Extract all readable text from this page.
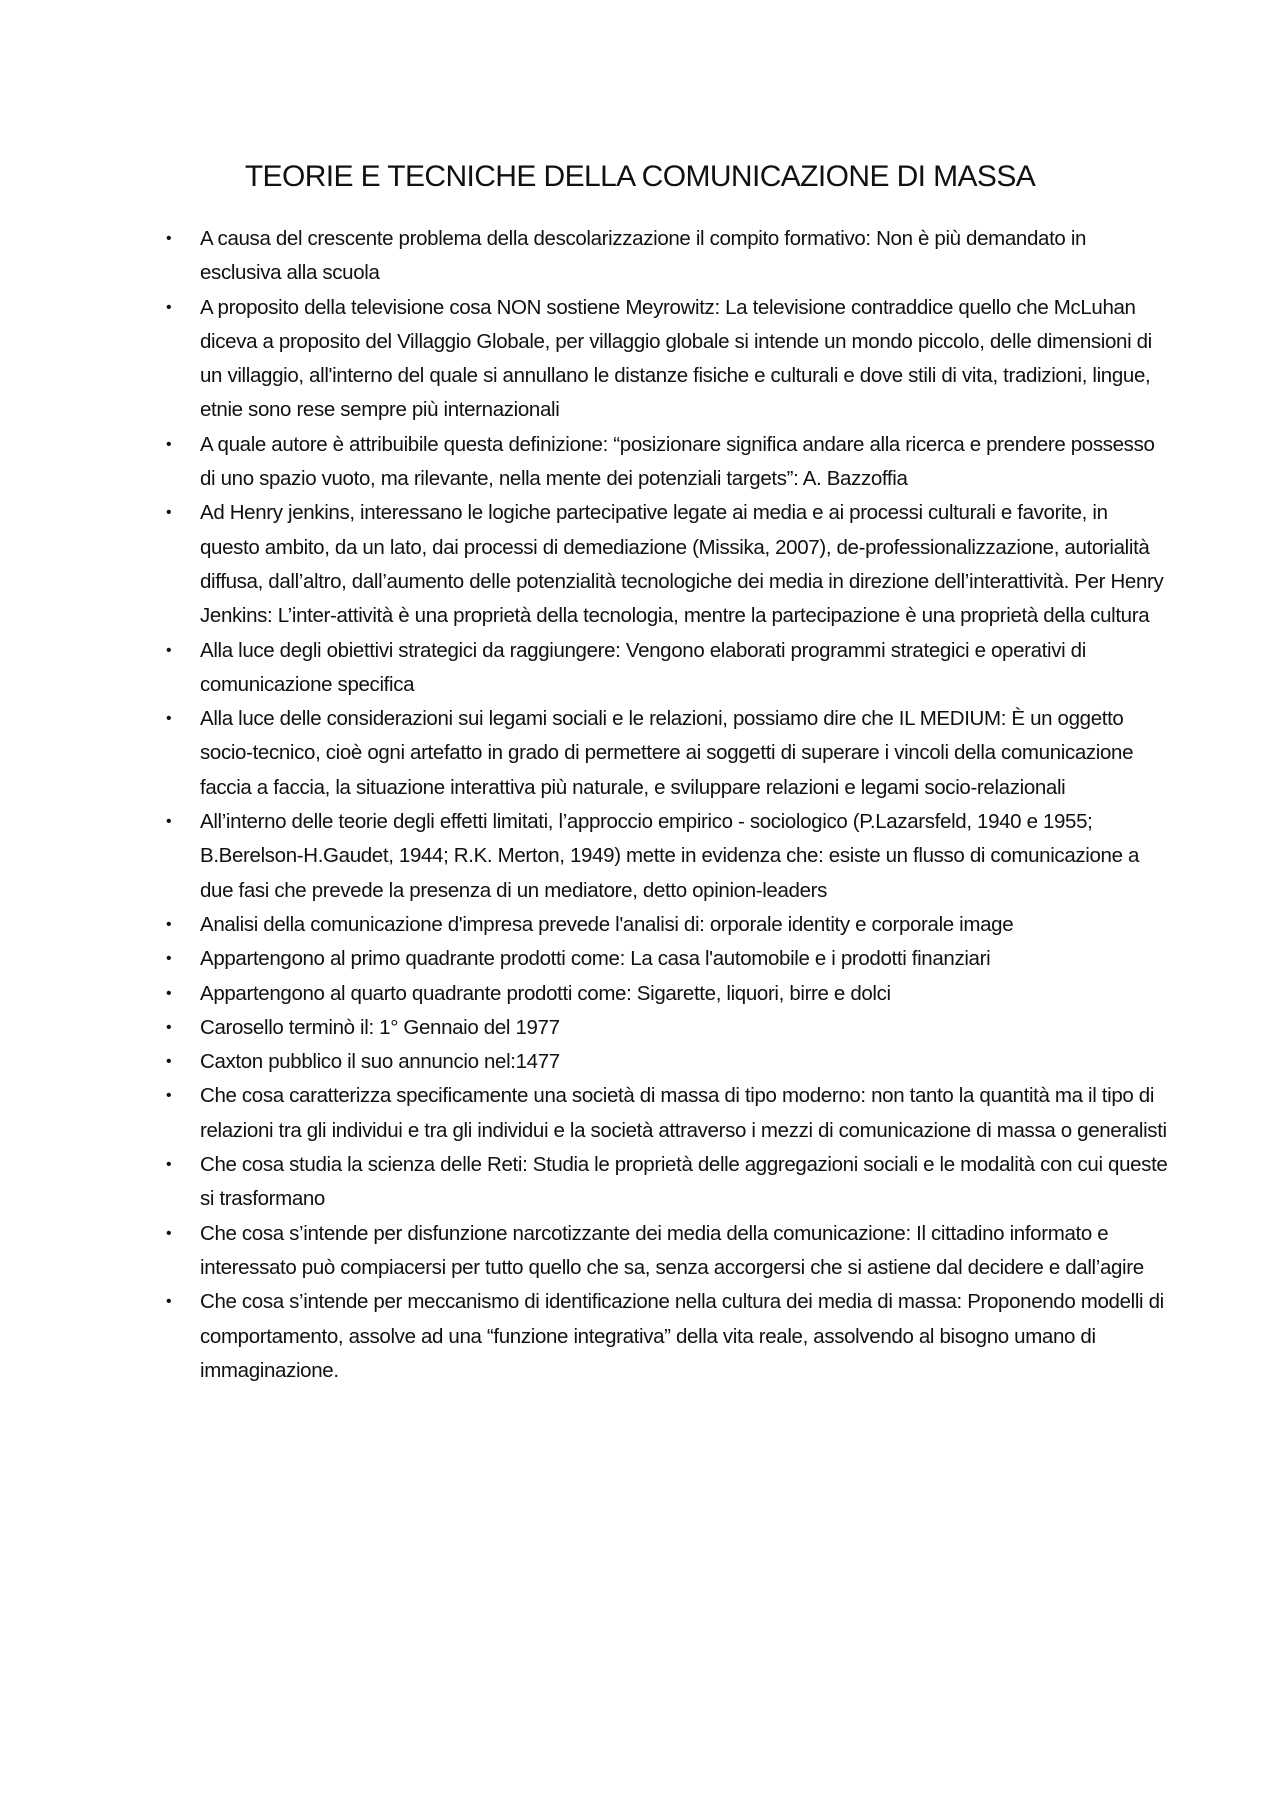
TEORIE E TECNICHE DELLA COMUNICAZIONE DI MASSA
• A causa del crescente problema della descolarizzazione il compito formativo: Non è più demandato in esclusiva alla scuola
• A proposito della televisione cosa NON sostiene Meyrowitz: La televisione contraddice quello che McLuhan diceva a proposito del Villaggio Globale, per villaggio globale si intende un mondo piccolo, delle dimensioni di un villaggio, all'interno del quale si annullano le distanze fisiche e culturali e dove stili di vita, tradizioni, lingue, etnie sono rese sempre più internazionali
• A quale autore è attribuibile questa definizione: “posizionare significa andare alla ricerca e prendere possesso di uno spazio vuoto, ma rilevante, nella mente dei potenziali targets”: A. Bazzoffia
• Ad Henry jenkins, interessano le logiche partecipative legate ai media e ai processi culturali e favorite, in questo ambito, da un lato, dai processi di demediazione (Missika, 2007), de-professionalizzazione, autorialità diffusa, dall’altro, dall’aumento delle potenzialità tecnologiche dei media in direzione dell’interattività. Per Henry Jenkins: L’inter-attività è una proprietà della tecnologia, mentre la partecipazione è una proprietà della cultura
• Alla luce degli obiettivi strategici da raggiungere: Vengono elaborati programmi strategici e operativi di comunicazione specifica
• Alla luce delle considerazioni sui legami sociali e le relazioni, possiamo dire che IL MEDIUM: È un oggetto socio-tecnico, cioè ogni artefatto in grado di permettere ai soggetti di superare i vincoli della comunicazione faccia a faccia, la situazione interattiva più naturale, e sviluppare relazioni e legami socio-relazionali
• All’interno delle teorie degli effetti limitati, l’approccio empirico - sociologico (P.Lazarsfeld, 1940 e 1955; B.Berelson-H.Gaudet, 1944; R.K. Merton, 1949) mette in evidenza che: esiste un flusso di comunicazione a due fasi che prevede la presenza di un mediatore, detto opinion-leaders
• Analisi della comunicazione d'impresa prevede l'analisi di: orporale identity e corporale image
• Appartengono al primo quadrante prodotti come: La casa l'automobile e i prodotti finanziari
• Appartengono al quarto quadrante prodotti come: Sigarette, liquori, birre e dolci
• Carosello terminò il: 1° Gennaio del 1977
• Caxton pubblico il suo annuncio nel:1477
• Che cosa caratterizza specificamente una società di massa di tipo moderno: non tanto la quantità ma il tipo di relazioni tra gli individui e tra gli individui e la società attraverso i mezzi di comunicazione di massa o generalisti
• Che cosa studia la scienza delle Reti: Studia le proprietà delle aggregazioni sociali e le modalità con cui queste si trasformano
• Che cosa s’intende per disfunzione narcotizzante dei media della comunicazione: Il cittadino informato e interessato può compiacersi per tutto quello che sa, senza accorgersi che si astiene dal decidere e dall’agire
• Che cosa s’intende per meccanismo di identificazione nella cultura dei media di massa: Proponendo modelli di comportamento, assolve ad una “funzione integrativa” della vita reale, assolvendo al bisogno umano di immaginazione.
